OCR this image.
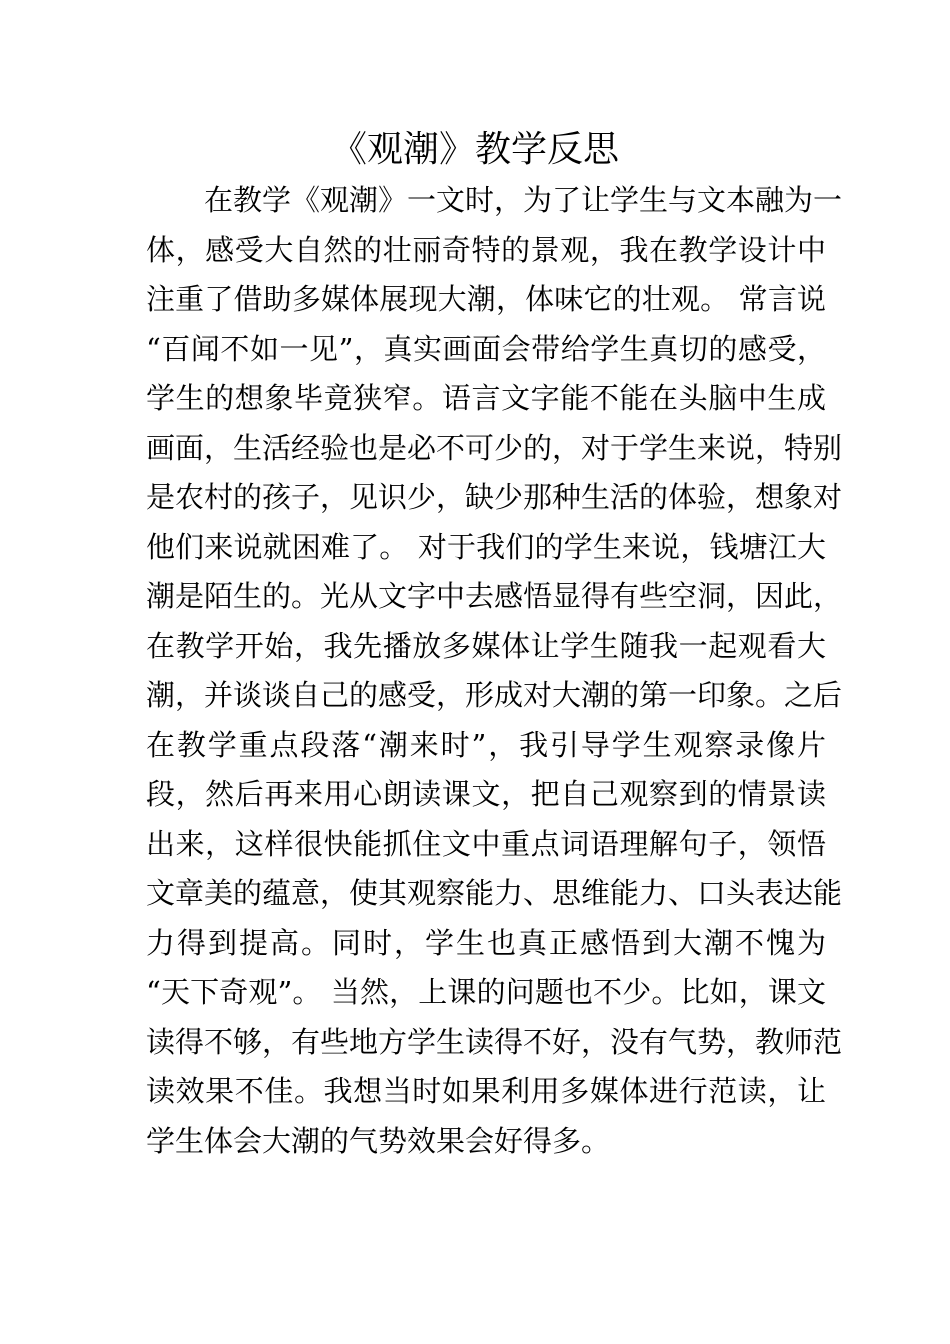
《观潮》教学反思
在教学《观潮》一文时，为了让学生与文本融为一
体，感受大自然的壮丽奇特的景观，我在教学设计中
注重了借助多媒体展现大潮，体味它的壮观。 常言说
“百闻不如一见”，真实画面会带给学生真切的感受，
学生的想象毕竟狭窄。语言文字能不能在头脑中生成
画面，生活经验也是必不可少的，对于学生来说，特别
是农村的孩子，见识少，缺少那种生活的体验，想象对
他们来说就困难了。 对于我们的学生来说，钱塘江大
潮是陌生的。光从文字中去感悟显得有些空洞，因此，
在教学开始，我先播放多媒体让学生随我一起观看大
潮，并谈谈自己的感受，形成对大潮的第一印象。之后
在教学重点段落“潮来时”，我引导学生观察录像片
段，然后再来用心朗读课文，把自己观察到的情景读
出来，这样很快能抓住文中重点词语理解句子，领悟
文章美的蕴意，使其观察能力、思维能力、口头表达能
力得到提高。同时，学生也真正感悟到大潮不愧为
“天下奇观”。 当然，上课的问题也不少。比如，课文
读得不够，有些地方学生读得不好，没有气势，教师范
读效果不佳。我想当时如果利用多媒体进行范读，让
学生体会大潮的气势效果会好得多。
